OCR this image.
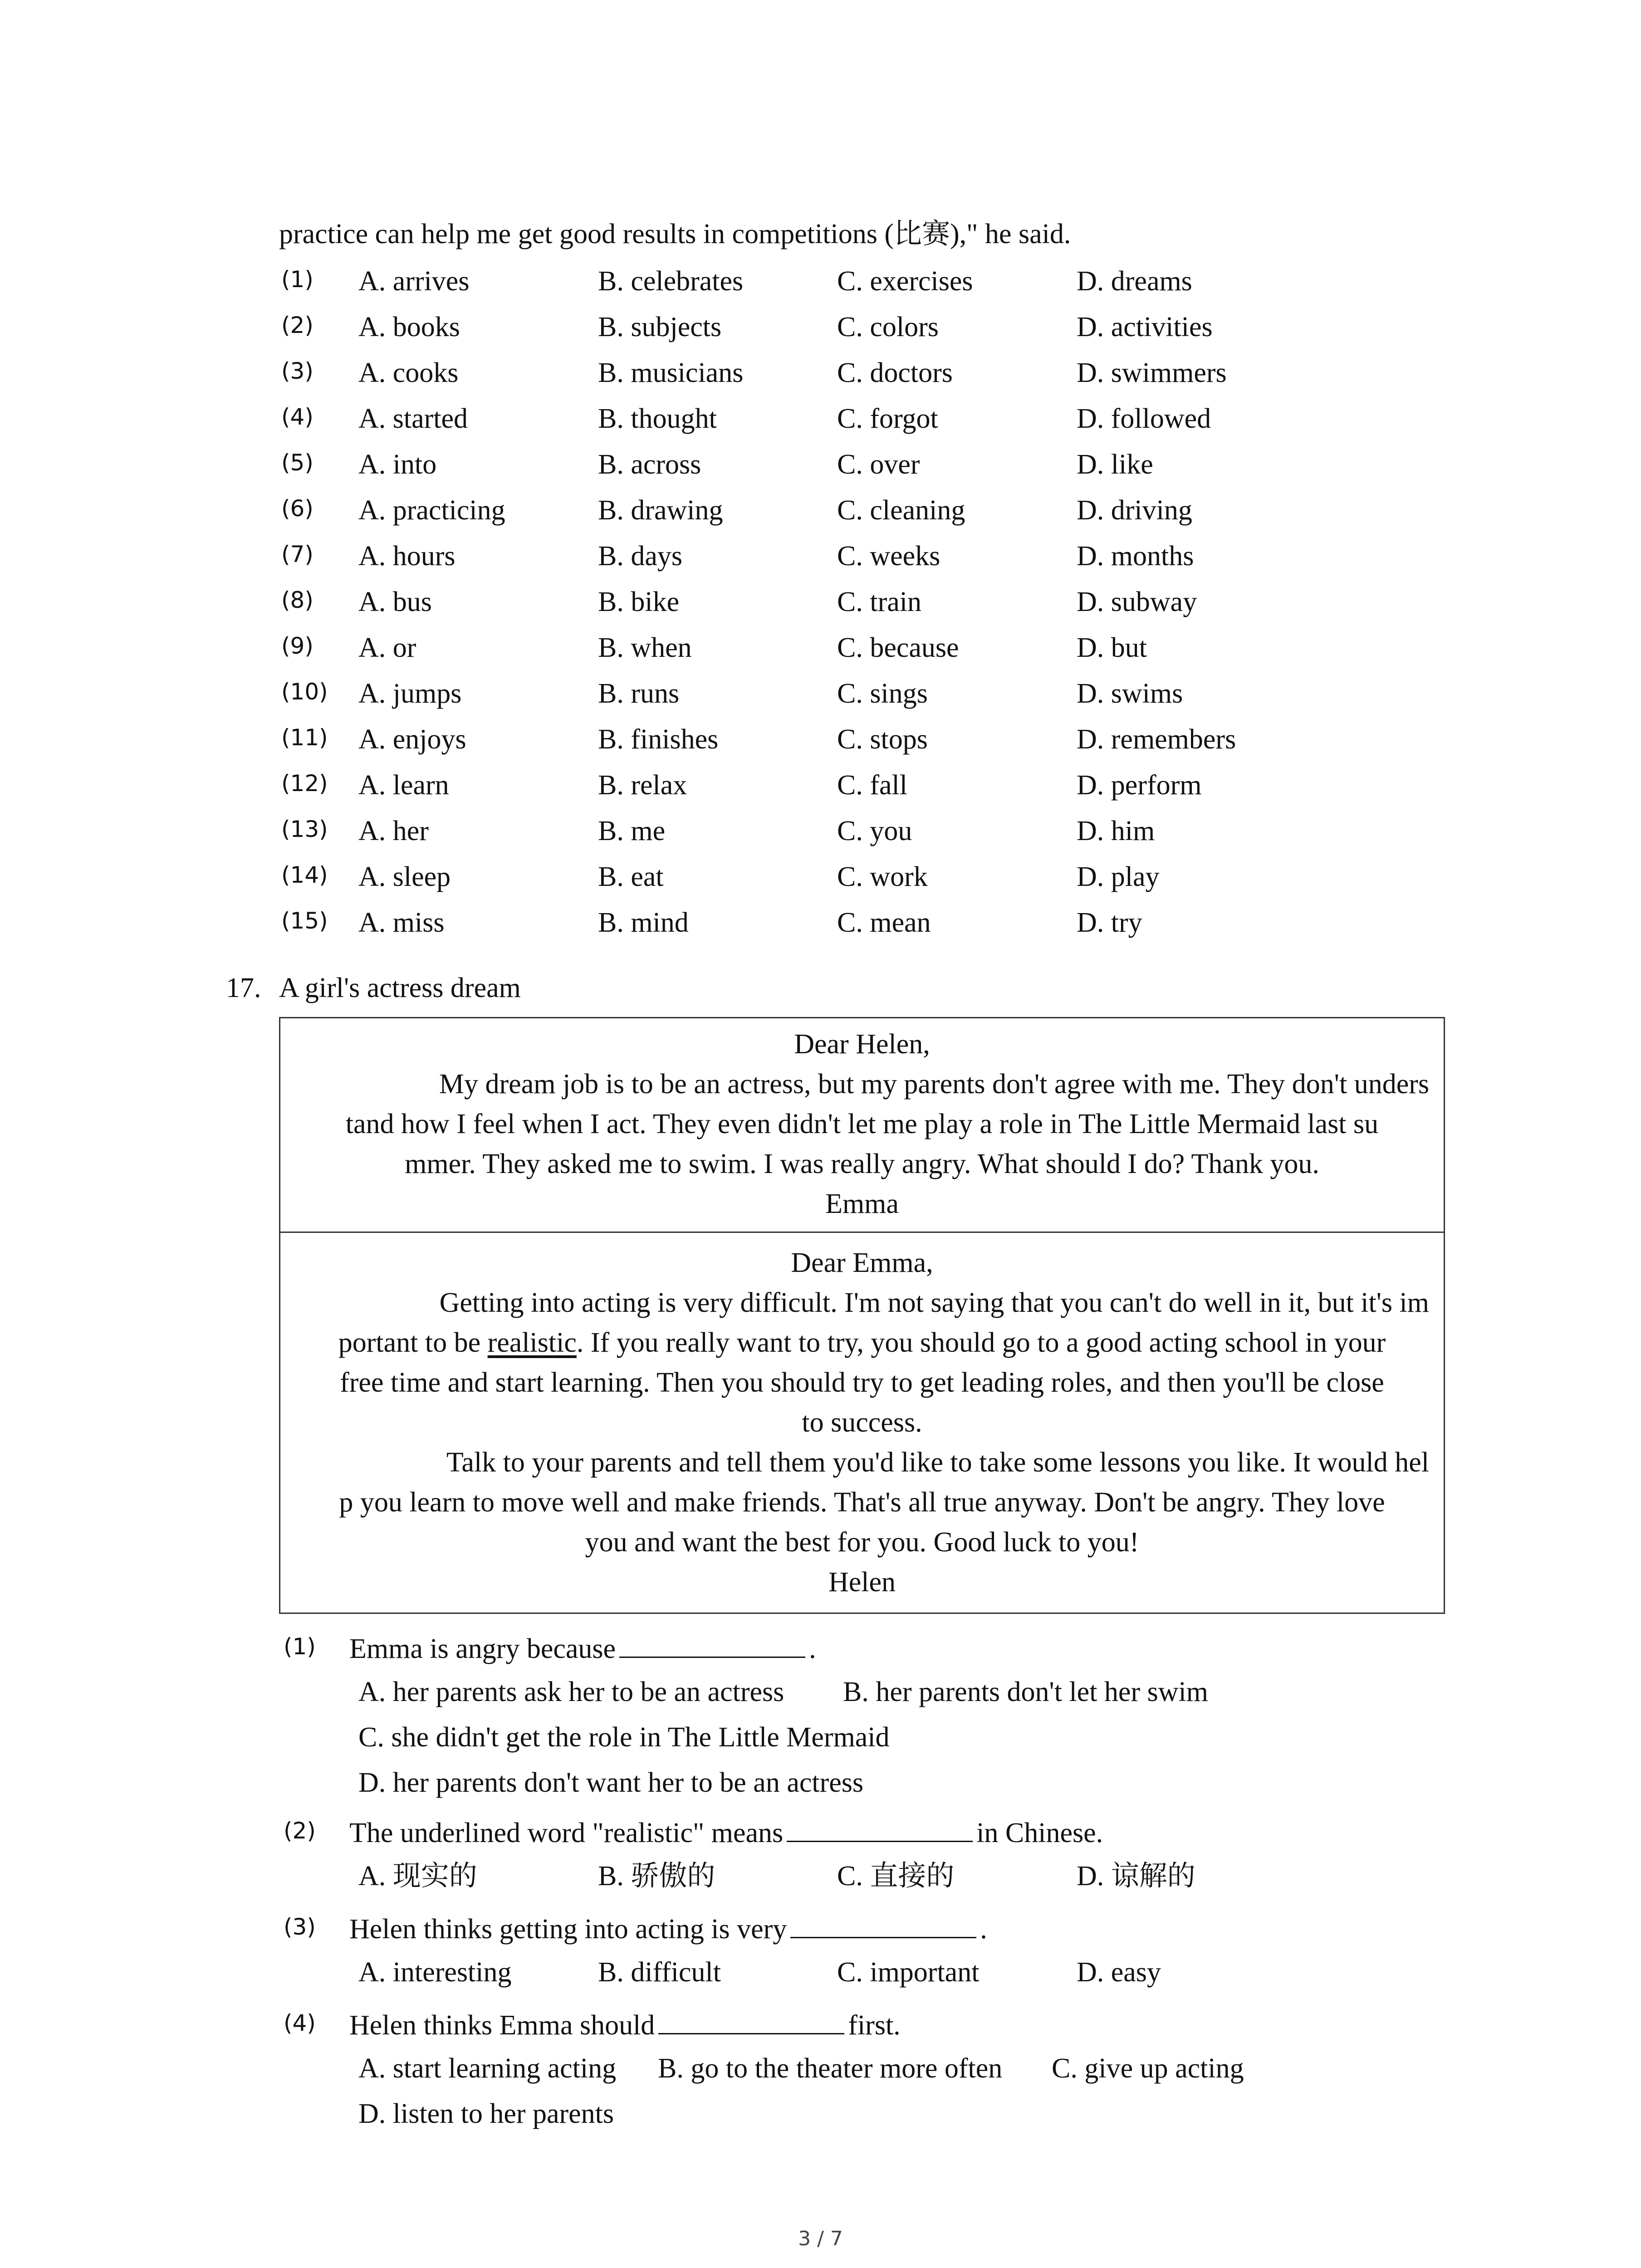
practice can help me get good results in competitions (比赛)," he said.
(1) A. arrives	B. celebrates	C. exercises	D. dreams
(2) A. books	B. subjects	C. colors	D. activities
(3) A. cooks	B. musicians	C. doctors	D. swimmers
(4) A. started	B. thought	C. forgot	D. followed
(5) A. into	B. across	C. over	D. like
(6) A. practicing	B. drawing	C. cleaning	D. driving
(7) A. hours	B. days	C. weeks	D. months
(8) A. bus	B. bike	C. train	D. subway
(9) A. or	B. when	C. because	D. but
(10) A. jumps	B. runs	C. sings	D. swims
(11) A. enjoys	B. finishes	C. stops	D. remembers
(12) A. learn	B. relax	C. fall	D. perform
(13) A. her	B. me	C. you	D. him
(14) A. sleep	B. eat	C. work	D. play
(15) A. miss	B. mind	C. mean	D. try
17. A girl's actress dream
Dear Helen,
My dream job is to be an actress, but my parents don't agree with me. They don't unders
tand how I feel when I act. They even didn't let me play a role in The Little Mermaid last su
mmer. They asked me to swim. I was really angry. What should I do? Thank you.
Emma
Dear Emma,
Getting into acting is very difficult. I'm not saying that you can't do well in it, but it's im
portant to be realistic. If you really want to try, you should go to a good acting school in your
free time and start learning. Then you should try to get leading roles, and then you'll be close
to success.
Talk to your parents and tell them you'd like to take some lessons you like. It would hel
p you learn to move well and make friends. That's all true anyway. Don't be angry. They love
you and want the best for you. Good luck to you!
Helen
(1) Emma is angry because	.
A. her parents ask her to be an actress B. her parents don't let her swim
C. she didn't get the role in The Little Mermaid
D. her parents don't want her to be an actress
(2) The underlined word "realistic" means	in Chinese.
A. 现实的	B. 骄傲的	C. 直接的	D. 谅解的
(3) Helen thinks getting into acting is very	.
A. interesting	B. difficult	C. important	D. easy
(4) Helen thinks Emma should	first.
A. start learning acting B. go to the theater more often C. give up acting
D. listen to her parents
3 / 7
